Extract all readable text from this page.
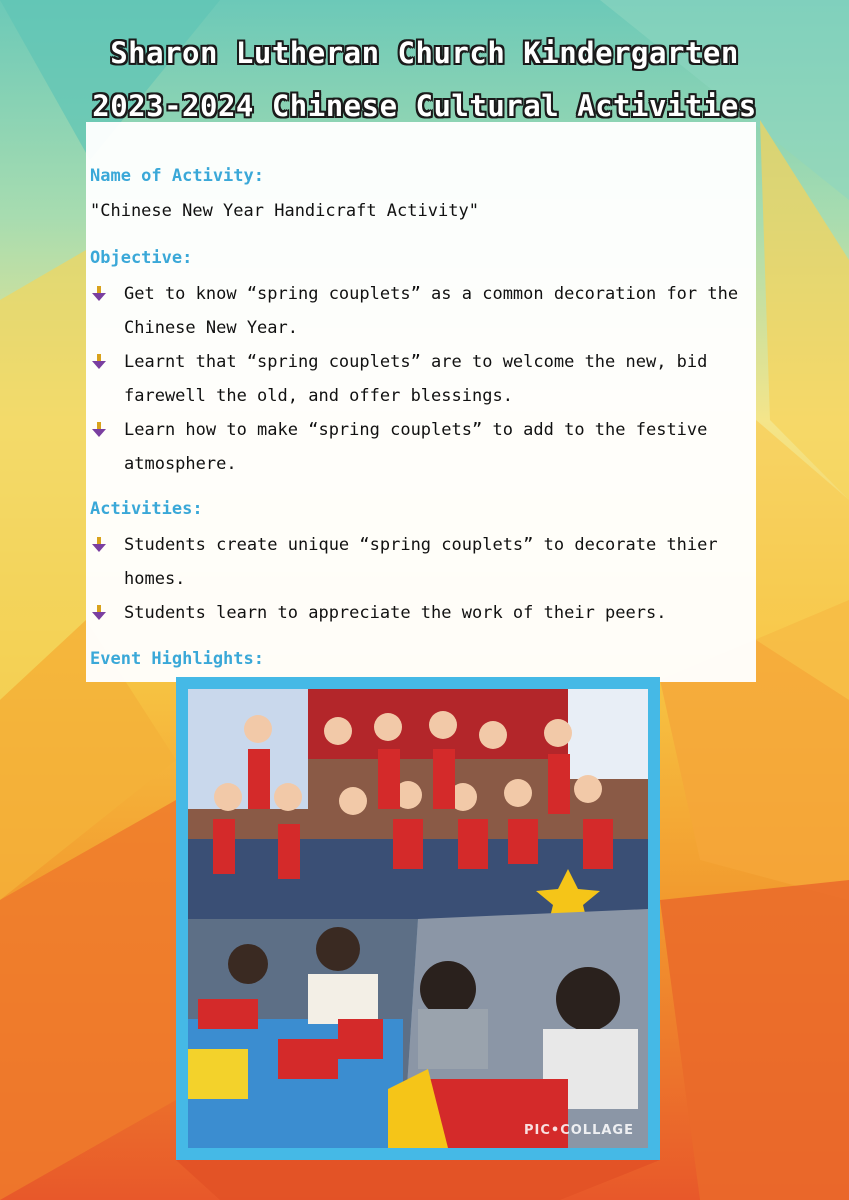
Sharon Lutheran Church Kindergarten
2023-2024 Chinese Cultural Activities
Name of Activity:
"Chinese New Year Handicraft Activity"
Objective:
Get to know “spring couplets” as a common decoration for the Chinese New Year.
Learnt that “spring couplets” are to welcome the new, bid farewell the old, and offer blessings.
Learn how to make “spring couplets” to add to the festive atmosphere.
Activities:
Students create unique “spring couplets” to decorate thier homes.
Students learn to appreciate the work of their peers.
Event Highlights:
PIC•COLLAGE
